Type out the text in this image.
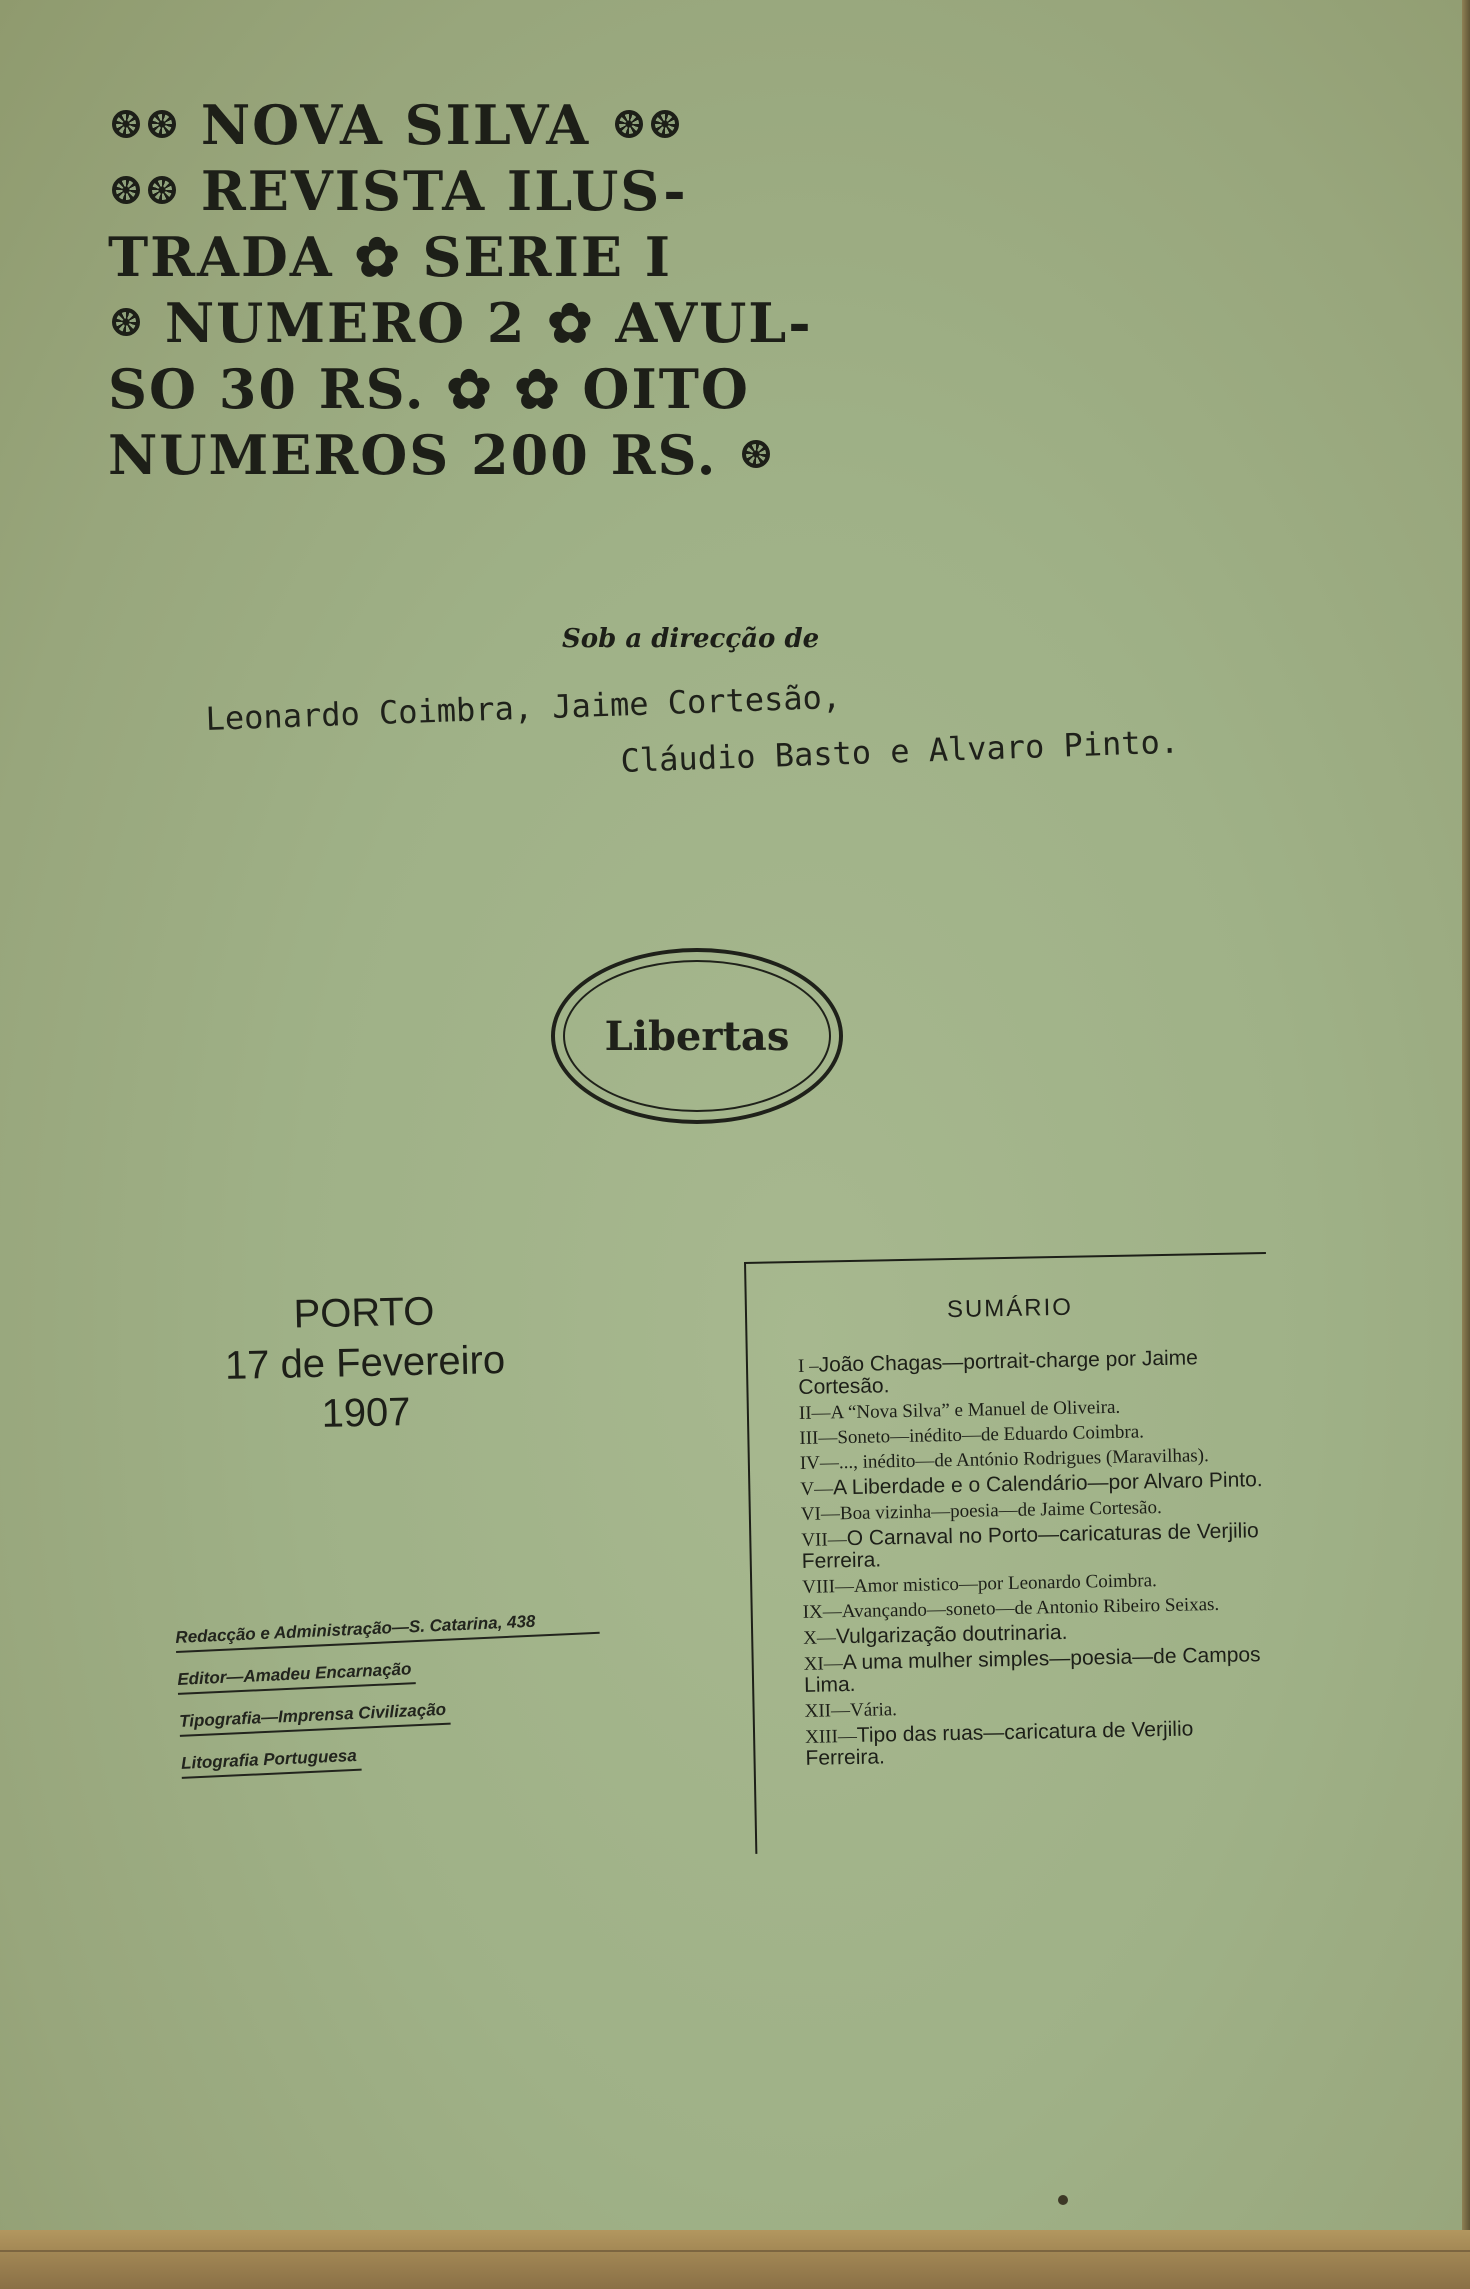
NOVA SILVA
REVISTA ILUS-
TRADA ✿ SERIE I
NUMERO 2 ✿ AVUL-
SO 30 RS. ✿ ✿ OITO
NUMEROS 200 RS.
Sob a direcção de
Leonardo Coimbra, Jaime Cortesão,
Cláudio Basto e Alvaro Pinto.
Libertas
PORTO
17 de Fevereiro
1907
Redacção e Administração—S. Catarina, 438
Editor—Amadeu Encarnação
Tipografia—Imprensa Civilização
Litografia Portuguesa
SUMÁRIO
I –João Chagas—portrait-charge por Jaime Cortesão.
II—A “Nova Silva” e Manuel de Oliveira.
III—Soneto—inédito—de Eduardo Coimbra.
IV—..., inédito—de António Rodrigues (Maravilhas).
V—A Liberdade e o Calendário—por Alvaro Pinto.
VI—Boa vizinha—poesia—de Jaime Cortesão.
VII—O Carnaval no Porto—caricaturas de Verjilio Ferreira.
VIII—Amor mistico—por Leonardo Coimbra.
IX—Avançando—soneto—de Antonio Ribeiro Seixas.
X—Vulgarização doutrinaria.
XI—A uma mulher simples—poesia—de Campos Lima.
XII—Vária.
XIII—Tipo das ruas—caricatura de Verjilio Ferreira.
